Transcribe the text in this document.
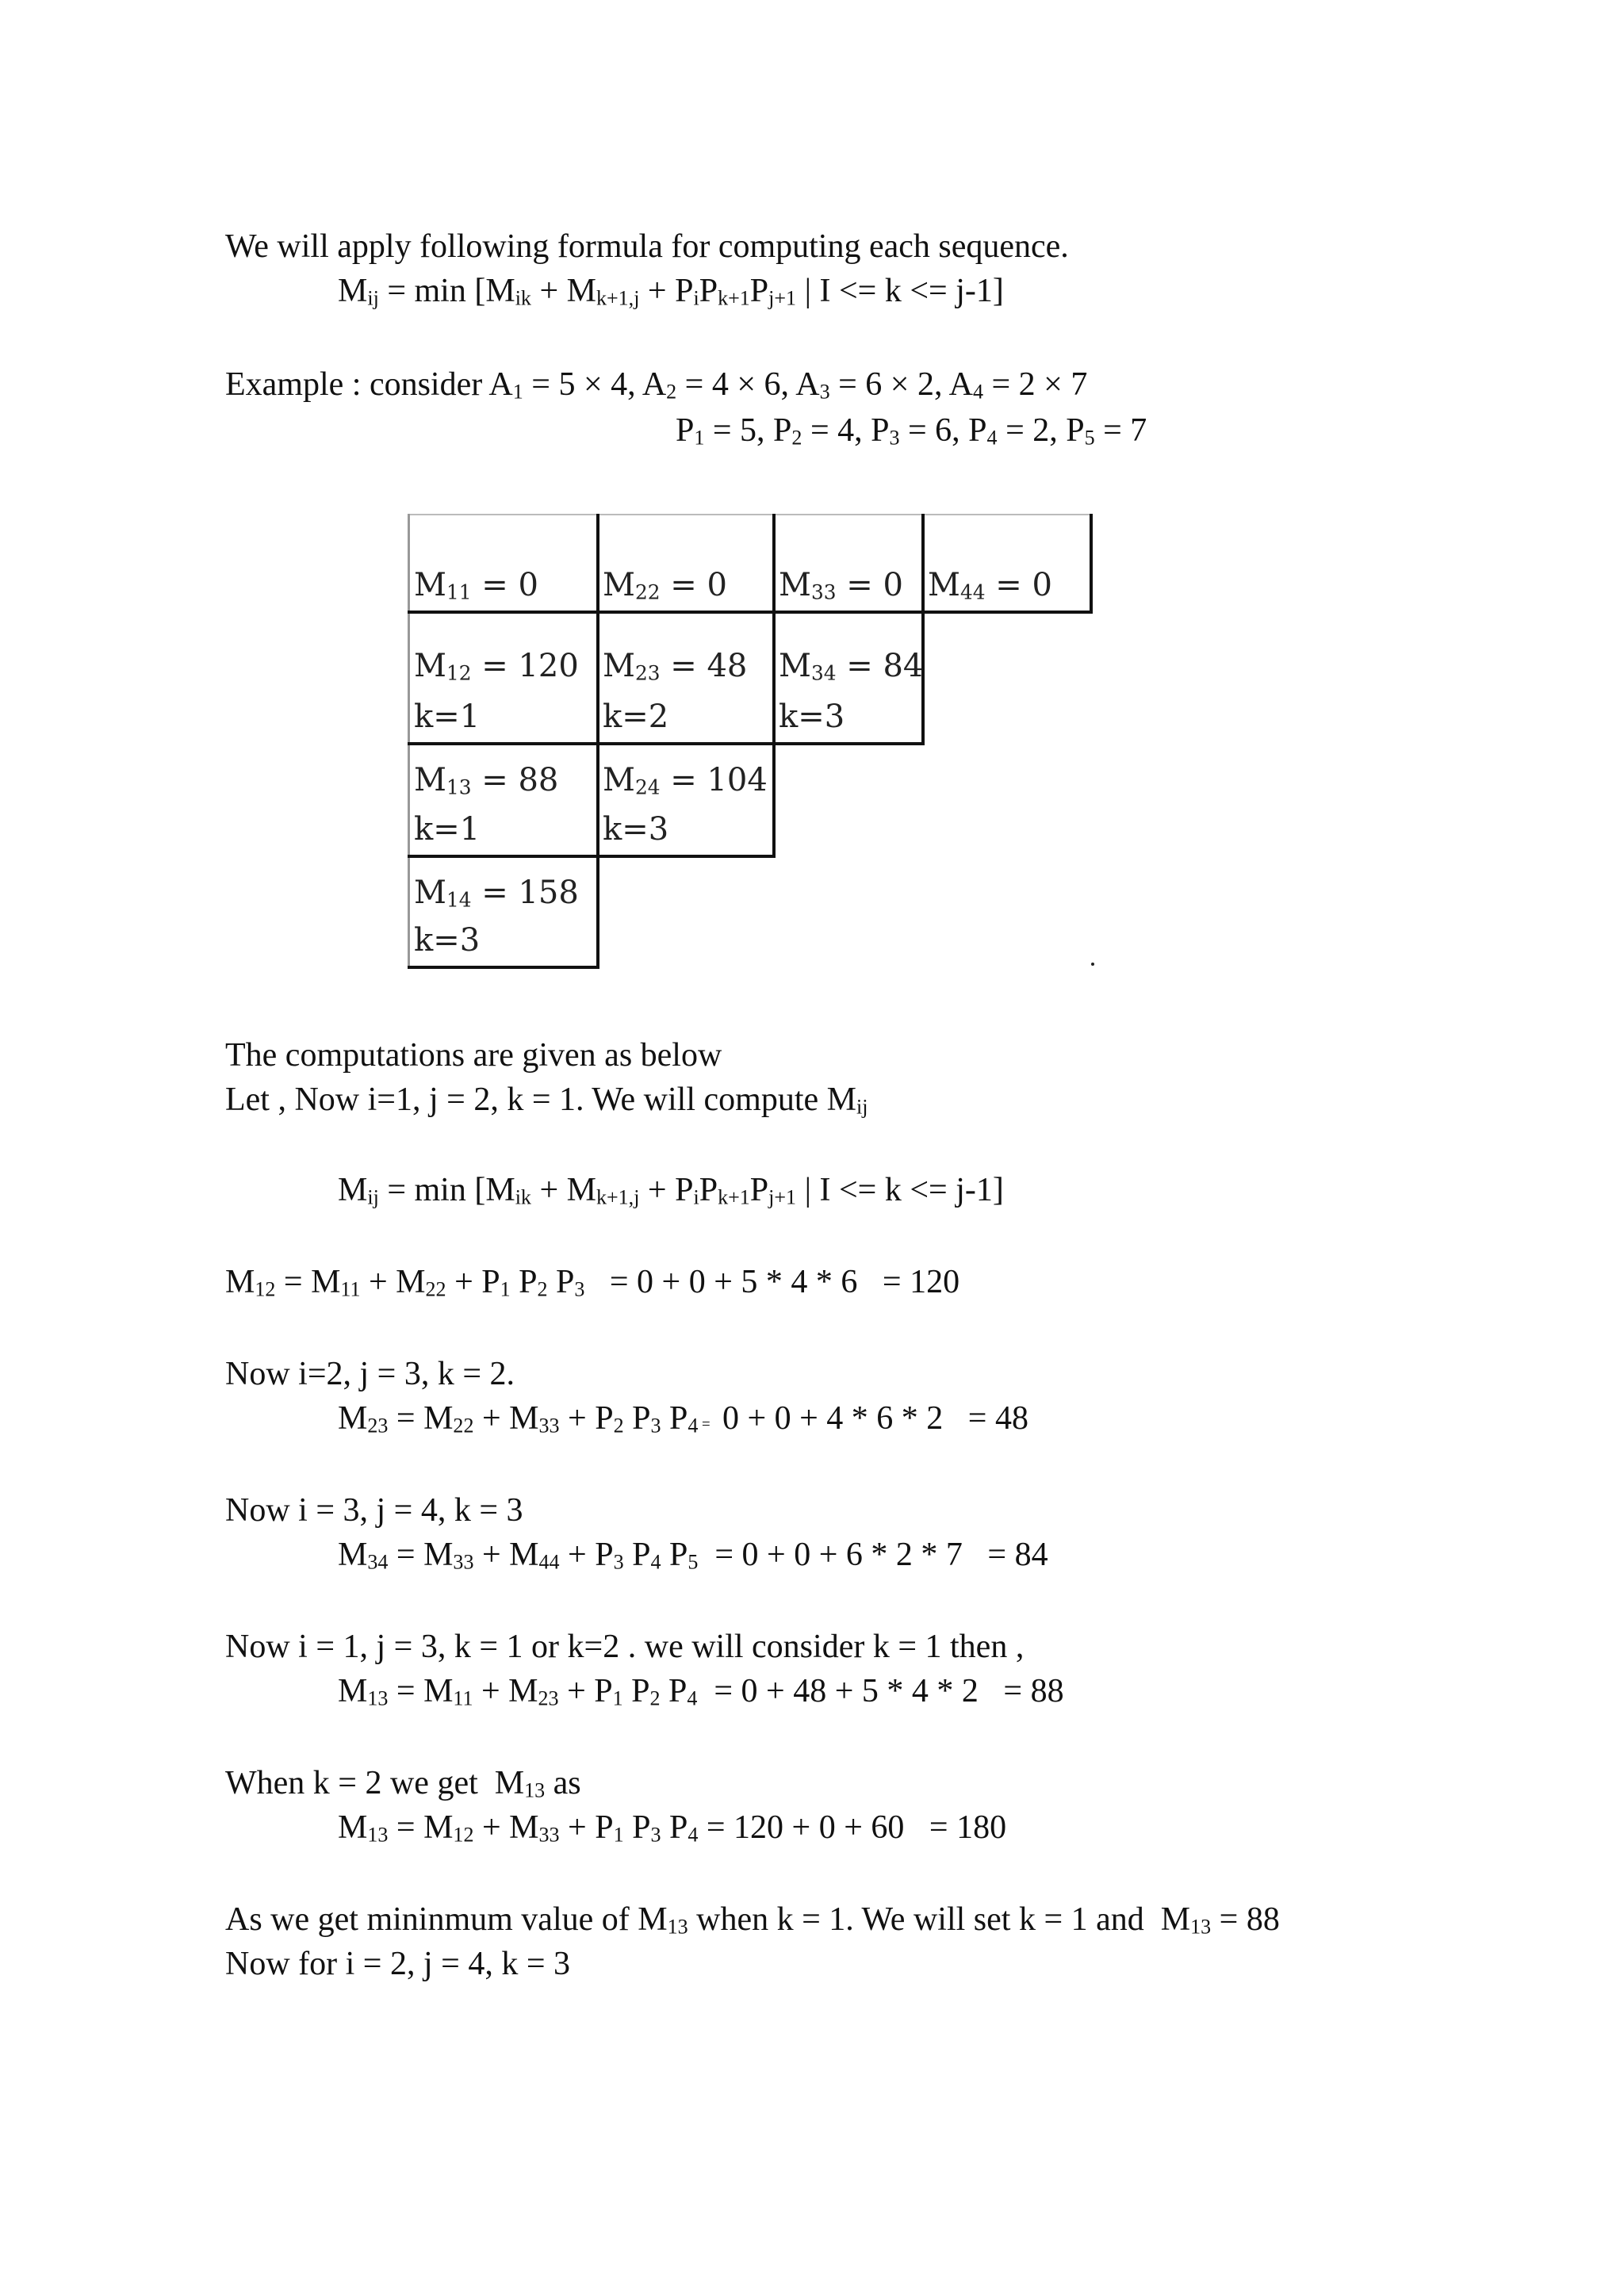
We will apply following formula for computing each sequence.
$M_{ij} = \min [M_{ik} + M_{k+1,j} + P_iP_{k+1}P_{j+1}$ | I <= k <= j-1]
Example : consider $A_1 = 5 \times 4$, $A_2 = 4 \times 6$, $A_3 = 6 \times 2$, $A_4 = 2 \times 7$
$P_1 = 5$, $P_2 = 4$, $P_3 = 6$, $P_4 = 2$, $P_5 = 7$
$M_{11} = 0$ $M_{22} = 0$ $M_{33} = 0$ $M_{44} = 0$
$M_{12} = 120$
k=1
$M_{23} = 48$
k=2
$M_{34} = 84$
k=3
$M_{13} = 88$
k=1
$M_{24} = 104$
k=3
$M_{14} = 158$
k=3
The computations are given as below
Let , Now i=1, j = 2, k = 1. We will compute $M_{ij}$
$M_{ij} = \min [M_{ik} + M_{k+1,j} + P_iP_{k+1}P_{j+1}$ | I <= k <= j-1]
$M_{12} = M_{11} + M_{22} + P_1$ $P_2$ $P_3 = 0 + 0 + 5 * 4 * 6 = 120$
Now i=2, j = 3, k = 2.
$M_{23} = M_{22} + M_{33} + P_2$ $P_3$ $P_4 = 0 + 0 + 4 * 6 * 2 = 48$
Now i = 3, j = 4, k = 3
$M_{34} = M_{33} + M_{44} + P_3$ $P_4$ $P_5 = 0 + 0 + 6 * 2 * 7 = 84$
Now i = 1, j = 3, k = 1 or k=2 . we will consider k = 1 then ,
$M_{13} = M_{11} + M_{23} + P_1$ $P_2$ $P_4 = 0 + 48 + 5 * 4 * 2 = 88$
When k = 2 we get  $M_{13}$ as
$M_{13} = M_{12} + M_{33} + P_1$ $P_3$ $P_4 = 120 + 0 + 60 = 180$
As we get mininmum value of $M_{13}$ when k = 1. We will set k = 1 and  $M_{13} = 88$
Now for i = 2, j = 4, k = 3
